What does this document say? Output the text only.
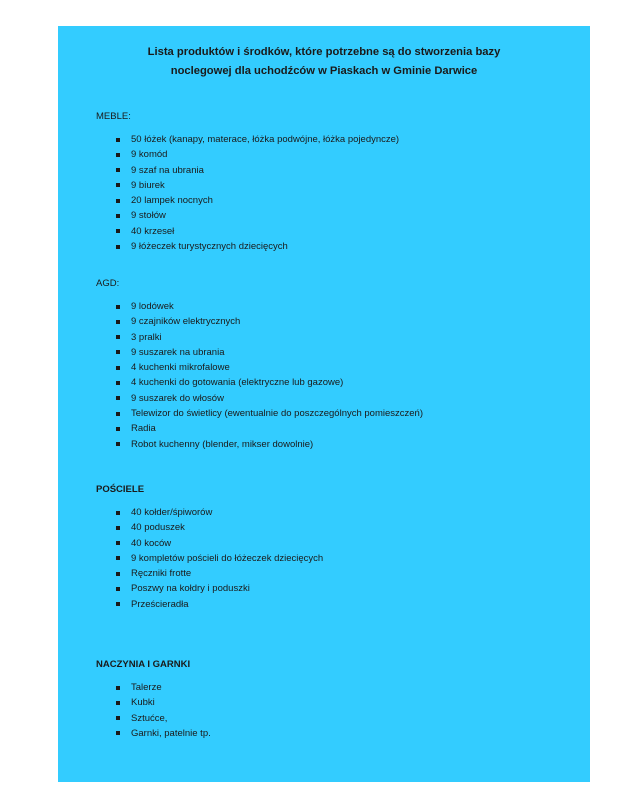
Lista produktów i środków, które potrzebne są do stworzenia bazy
noclegowej dla uchodźców w Piaskach w Gminie Darwice

MEBLE:

50 łóżek (kanapy, materace, łóżka podwójne, łóżka pojedyncze)
9 komód
9 szaf na ubrania
9 biurek
20 lampek nocnych
9 stołów
40 krzeseł
9 łóżeczek turystycznych dziecięcych

AGD:

9 lodówek
9 czajników elektrycznych
3 pralki
9 suszarek na ubrania
4 kuchenki mikrofalowe
4 kuchenki do gotowania (elektryczne lub gazowe)
9 suszarek do włosów
Telewizor do świetlicy (ewentualnie do poszczególnych pomieszczeń)
Radia
Robot kuchenny (blender, mikser dowolnie)

POŚCIELE

40 kołder/śpiworów
40 poduszek
40 koców
9 kompletów pościeli do łóżeczek dziecięcych
Ręczniki frotte
Poszwy na kołdry i poduszki
Prześcieradła

NACZYNIA I GARNKI

Talerze
Kubki
Sztućce,
Garnki, patelnie tp.
